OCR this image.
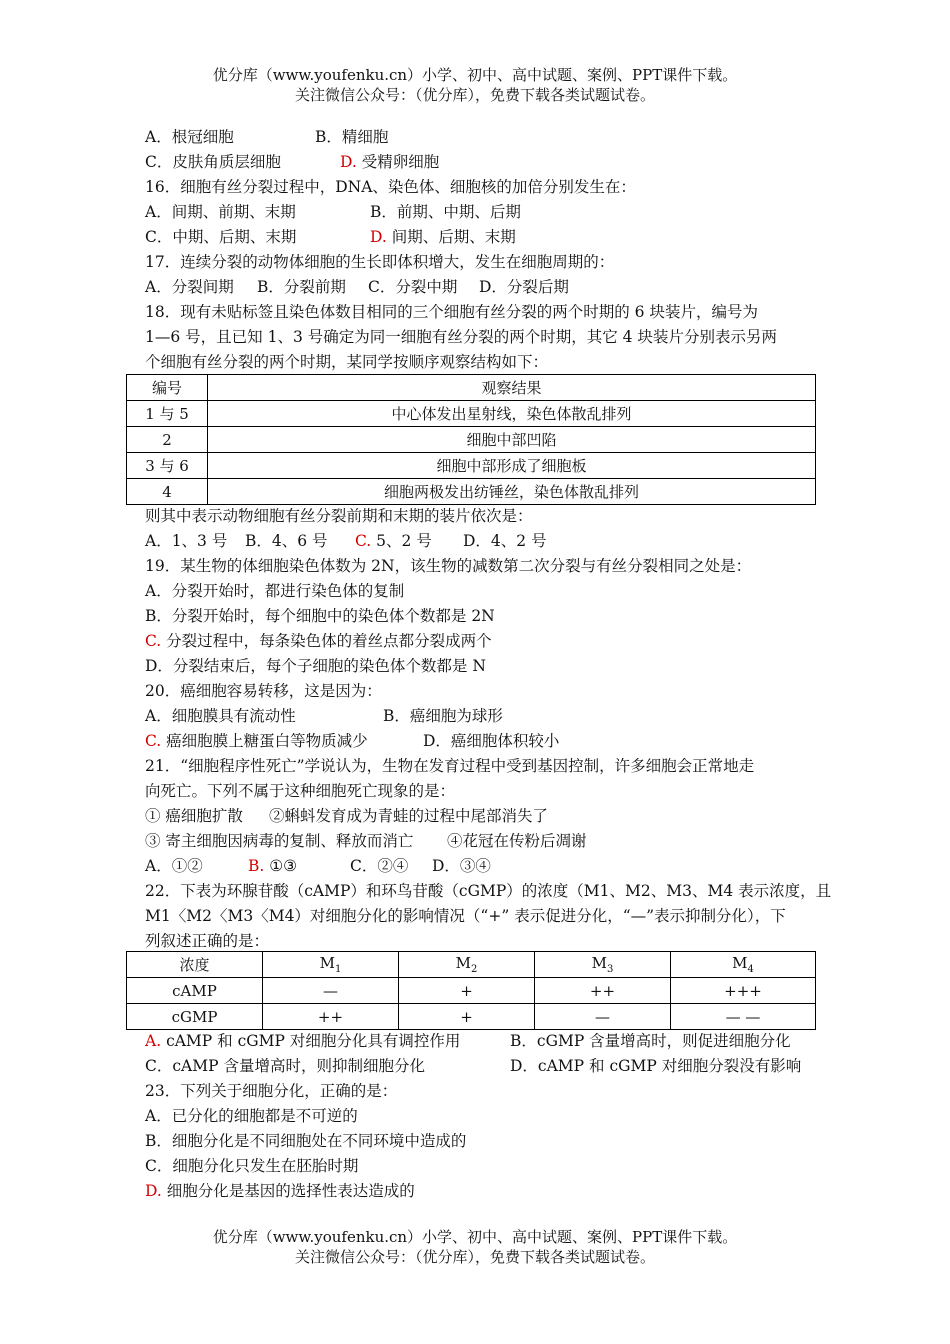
优分库（www.youfenku.cn）小学、初中、高中试题、案例、PPT课件下载。
关注微信公众号：（优分库），免费下载各类试题试卷。
A．根冠细胞	B．精细胞
C．皮肤角质层细胞	D. 受精卵细胞
16．细胞有丝分裂过程中，DNA、染色体、细胞核的加倍分别发生在：
A．间期、前期、末期	B．前期、中期、后期
C．中期、后期、末期	D. 间期、后期、末期
17．连续分裂的动物体细胞的生长即体积增大，发生在细胞周期的：
A．分裂间期 B．分裂前期 C．分裂中期 D．分裂后期
18．现有未贴标签且染色体数目相同的三个细胞有丝分裂的两个时期的 6 块装片，编号为
1—6 号，且已知 1、3 号确定为同一细胞有丝分裂的两个时期，其它 4 块装片分别表示另两
个细胞有丝分裂的两个时期，某同学按顺序观察结构如下：
编号	观察结果
1 与 5	中心体发出星射线，染色体散乱排列
2	细胞中部凹陷
3 与 6	细胞中部形成了细胞板
4	细胞两极发出纺锤丝，染色体散乱排列
则其中表示动物细胞有丝分裂前期和末期的装片依次是：
A．1、3 号 B．4、6 号 C. 5、2 号 D．4、2 号
19．某生物的体细胞染色体数为 2N，该生物的减数第二次分裂与有丝分裂相同之处是：
A．分裂开始时，都进行染色体的复制
B．分裂开始时，每个细胞中的染色体个数都是 2N
C. 分裂过程中，每条染色体的着丝点都分裂成两个
D．分裂结束后，每个子细胞的染色体个数都是 N
20．癌细胞容易转移，这是因为：
A．细胞膜具有流动性	B．癌细胞为球形
C. 癌细胞膜上糖蛋白等物质减少	D．癌细胞体积较小
21．“细胞程序性死亡”学说认为，生物在发育过程中受到基因控制，许多细胞会正常地走
向死亡。下列不属于这种细胞死亡现象的是：
① 癌细胞扩散 ②蝌蚪发育成为青蛙的过程中尾部消失了
③ 寄主细胞因病毒的复制、释放而消亡 ④花冠在传粉后凋谢
A．①②	B. ①③	C．②④ D．③④
22．下表为环腺苷酸（cAMP）和环鸟苷酸（cGMP）的浓度（M1、M2、M3、M4 表示浓度，且
M1〈M2〈M3〈M4）对细胞分化的影响情况（“+” 表示促进分化，“—”表示抑制分化），下
列叙述正确的是：
浓度	$M_1$	$M_2$	$M_3$	$M_4$
cAMP	—	+	++	+++
cGMP	++	+	—	— —
A. cAMP 和 cGMP 对细胞分化具有调控作用	B．cGMP 含量增高时，则促进细胞分化
C．cAMP 含量增高时，则抑制细胞分化	D．cAMP 和 cGMP 对细胞分裂没有影响
23．下列关于细胞分化，正确的是：
A．已分化的细胞都是不可逆的
B．细胞分化是不同细胞处在不同环境中造成的
C．细胞分化只发生在胚胎时期
D. 细胞分化是基因的选择性表达造成的
优分库（www.youfenku.cn）小学、初中、高中试题、案例、PPT课件下载。
关注微信公众号：（优分库），免费下载各类试题试卷。
